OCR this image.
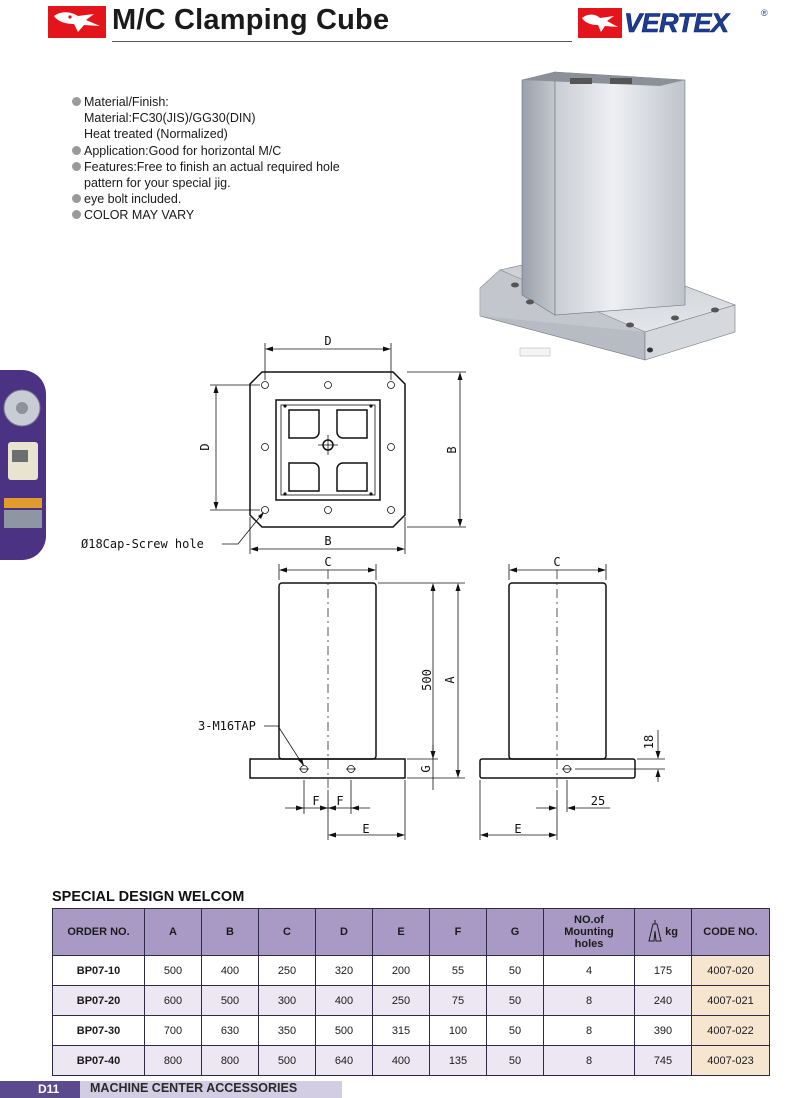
M/C Clamping Cube	VERTEX	®
Material/Finish:
Material:FC30(JIS)/GG30(DIN)
Heat treated (Normalized)
Application:Good for horizontal M/C
Features:Free to finish an actual required hole
pattern for your special jig.
eye bolt included.
COLOR MAY VARY
D
D	B
B
Ø18Cap-Screw hole
C
500 A
3-M16TAP
G
F F
E
C
18
25
E
SPECIAL DESIGN WELCOM
ORDER NO.	A	B	C	D	E	F	G	NO.of Mounting holes	kg	CODE NO.
BP07-10	500	400	250	320	200	55	50	4	175	4007-020
BP07-20	600	500	300	400	250	75	50	8	240	4007-021
BP07-30	700	630	350	500	315	100	50	8	390	4007-022
BP07-40	800	800	500	640	400	135	50	8	745	4007-023
D11 MACHINE CENTER ACCESSORIES
